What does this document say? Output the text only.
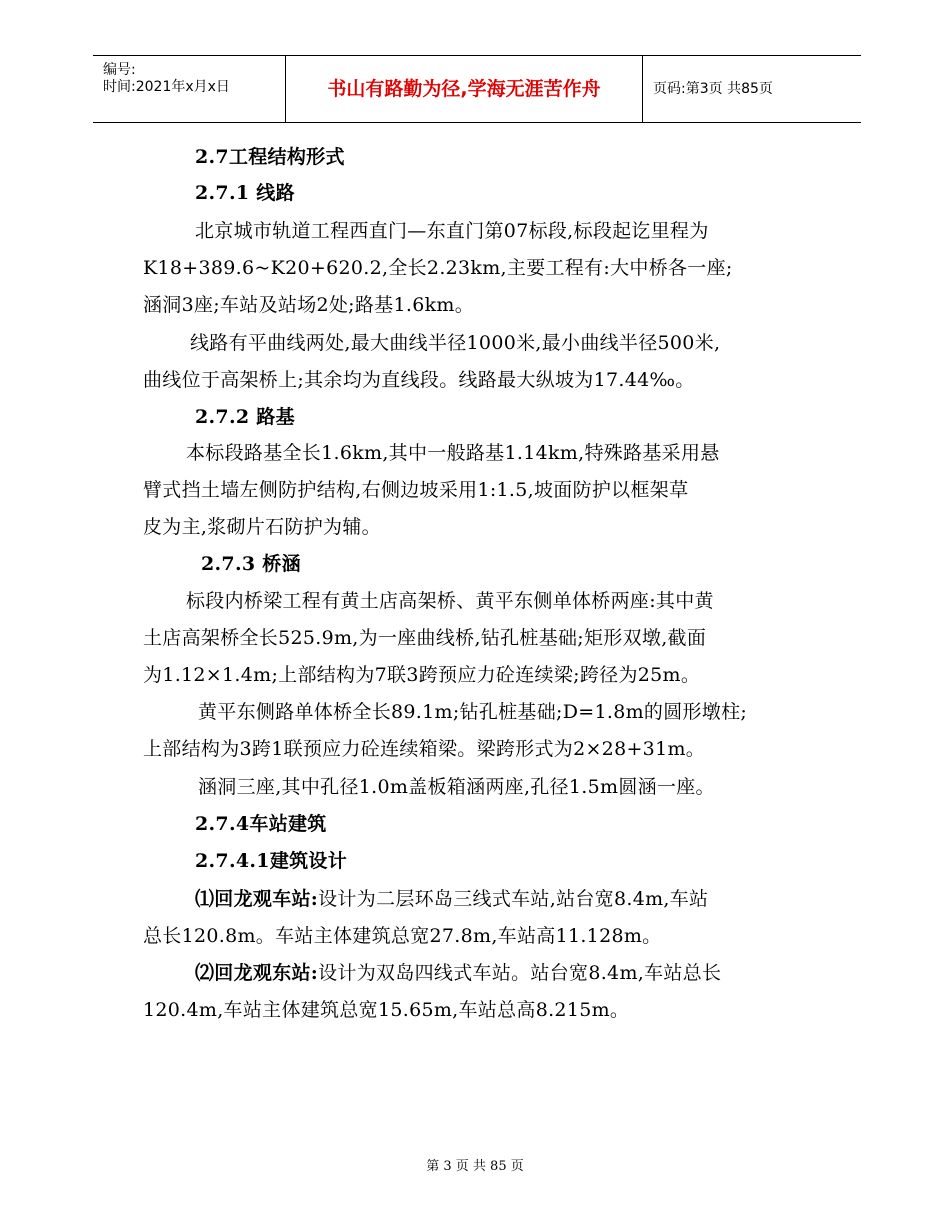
编号:
时间:2021年x月x日	书山有路勤为径,学海无涯苦作舟	页码:第3页 共85页
2.7工程结构形式
2.7.1 线路
北京城市轨道工程西直门—东直门第07标段,标段起讫里程为
K18+389.6~K20+620.2,全长2.23km,主要工程有:大中桥各一座;
涵洞3座;车站及站场2处;路基1.6km。
线路有平曲线两处,最大曲线半径1000米,最小曲线半径500米,
曲线位于高架桥上;其余均为直线段。线路最大纵坡为17.44‰。
2.7.2 路基
本标段路基全长1.6km,其中一般路基1.14km,特殊路基采用悬
臂式挡土墙左侧防护结构,右侧边坡采用1:1.5,坡面防护以框架草
皮为主,浆砌片石防护为辅。
2.7.3 桥涵
标段内桥梁工程有黄土店高架桥、黄平东侧单体桥两座:其中黄
土店高架桥全长525.9m,为一座曲线桥,钻孔桩基础;矩形双墩,截面
为1.12×1.4m;上部结构为7联3跨预应力砼连续梁;跨径为25m。
黄平东侧路单体桥全长89.1m;钻孔桩基础;D=1.8m的圆形墩柱;
上部结构为3跨1联预应力砼连续箱梁。梁跨形式为2×28+31m。
涵洞三座,其中孔径1.0m盖板箱涵两座,孔径1.5m圆涵一座。
2.7.4车站建筑
2.7.4.1建筑设计
⑴回龙观车站:设计为二层环岛三线式车站,站台宽8.4m,车站
总长120.8m。车站主体建筑总宽27.8m,车站高11.128m。
⑵回龙观东站:设计为双岛四线式车站。站台宽8.4m,车站总长
120.4m,车站主体建筑总宽15.65m,车站总高8.215m。
第 3 页 共 85 页
